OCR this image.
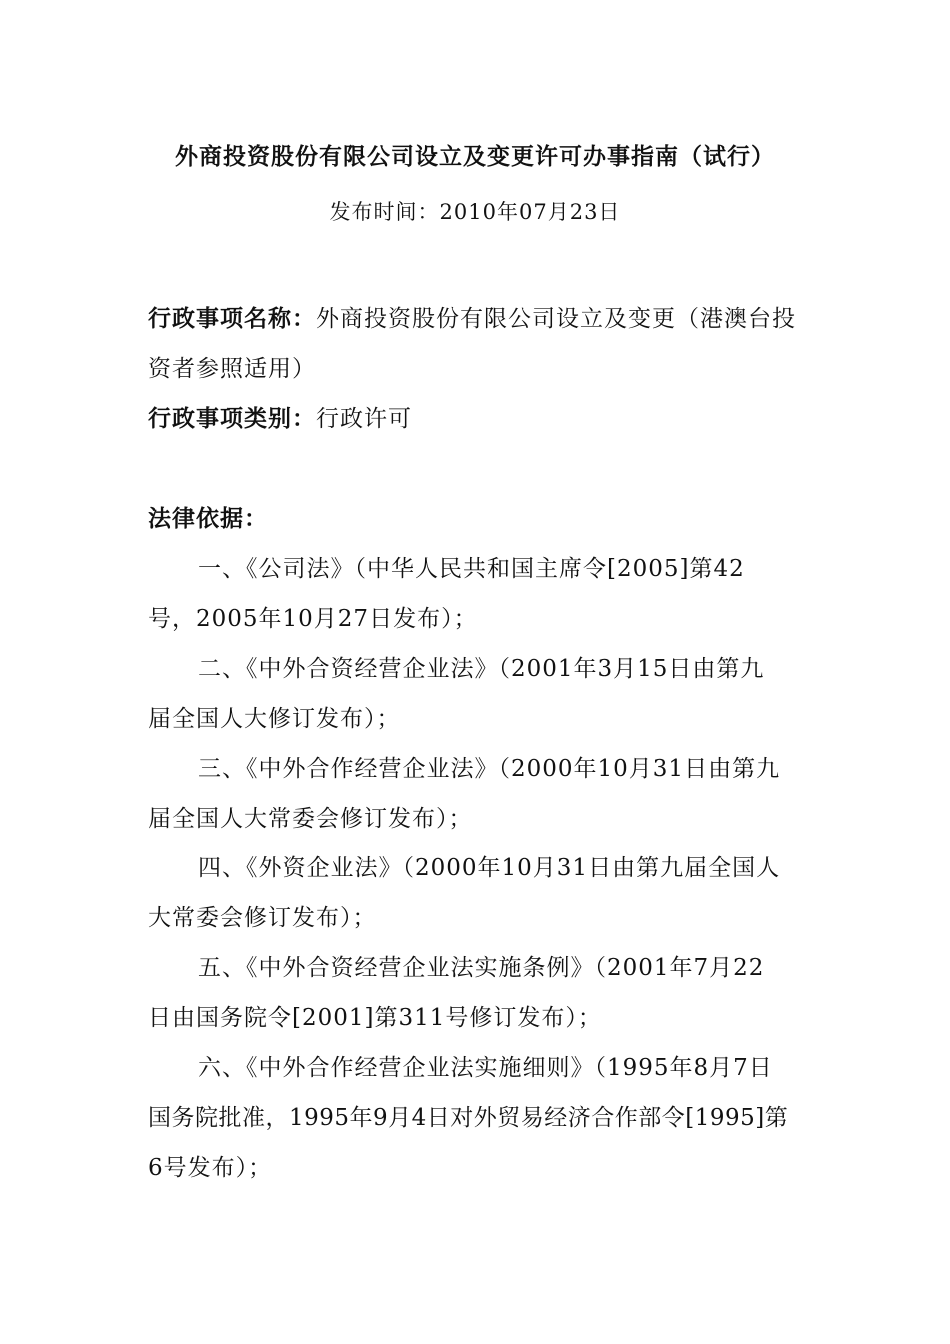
外商投资股份有限公司设立及变更许可办事指南（试行）
发布时间：2010年07月23日
行政事项名称：外商投资股份有限公司设立及变更（港澳台投
资者参照适用）
行政事项类别：行政许可
法律依据：
一、《公司法》（中华人民共和国主席令[2005]第42
号，2005年10月27日发布）；
二、《中外合资经营企业法》（2001年3月15日由第九
届全国人大修订发布）；
三、《中外合作经营企业法》（2000年10月31日由第九
届全国人大常委会修订发布）；
四、《外资企业法》（2000年10月31日由第九届全国人
大常委会修订发布）；
五、《中外合资经营企业法实施条例》（2001年7月22
日由国务院令[2001]第311号修订发布）；
六、《中外合作经营企业法实施细则》（1995年8月7日
国务院批准，1995年9月4日对外贸易经济合作部令[1995]第
6号发布）；
